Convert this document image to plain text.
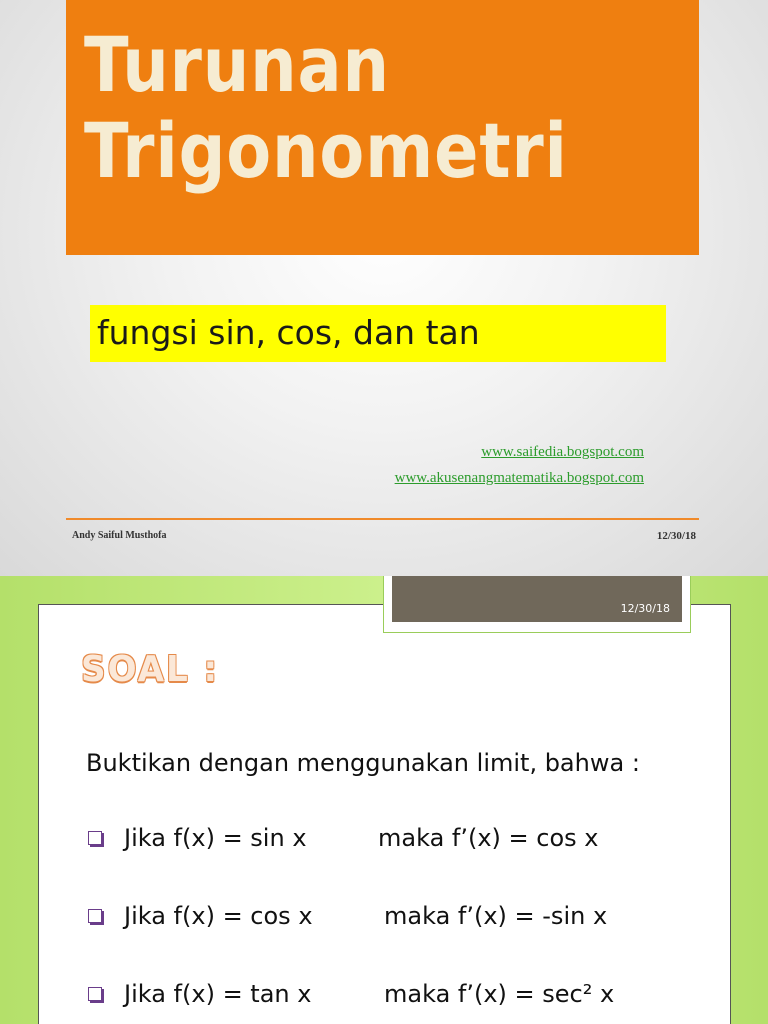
Turunan
Trigonometri
fungsi sin, cos, dan tan
www.saifedia.bogspot.com
www.akusenangmatematika.bogspot.com
Andy Saiful Musthofa	12/30/18
SOAL :
Buktikan dengan menggunakan limit, bahwa :
Jika f(x) = sin x	maka f’(x) = cos x
Jika f(x) = cos x	maka f’(x) = -sin x
Jika f(x) = tan x	maka f’(x) = sec² x
12/30/18
